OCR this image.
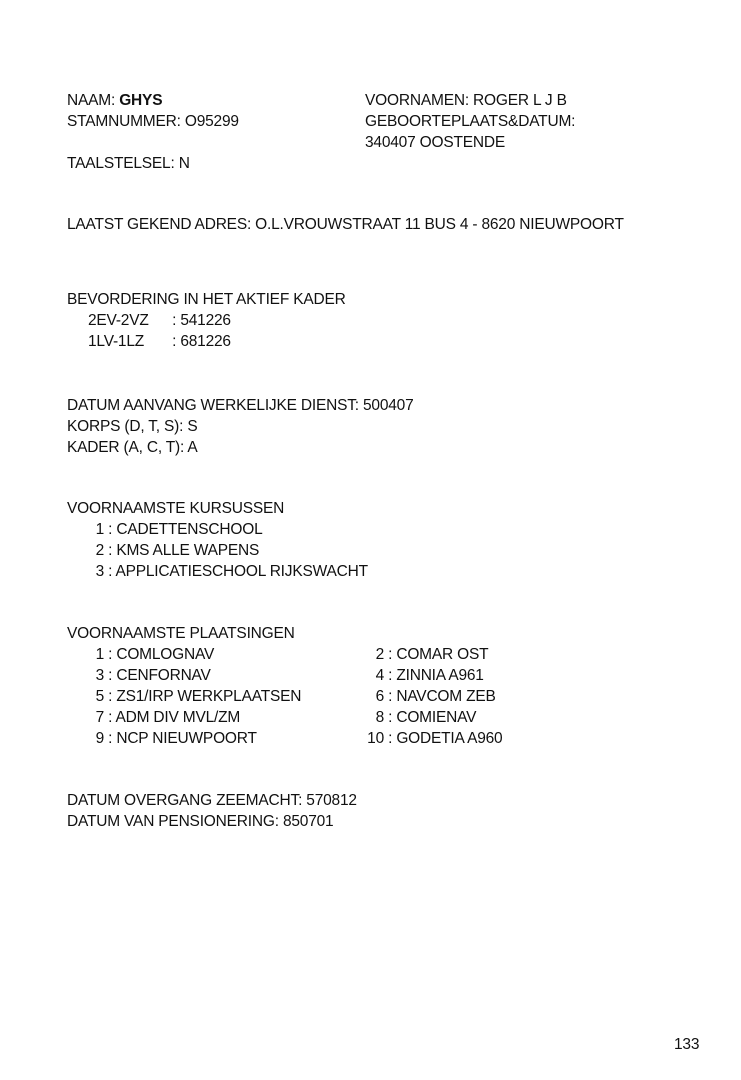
NAAM: GHYS	VOORNAMEN: ROGER L J B
STAMNUMMER: O95299	GEBOORTEPLAATS&DATUM:
340407 OOSTENDE
TAALSTELSEL: N
LAATST GEKEND ADRES: O.L.VROUWSTRAAT 11 BUS 4 - 8620 NIEUWPOORT
BEVORDERING IN HET AKTIEF KADER
2EV-2VZ : 541226
1LV-1LZ : 681226
DATUM AANVANG WERKELIJKE DIENST: 500407
KORPS (D, T, S): S
KADER (A, C, T): A
VOORNAAMSTE KURSUSSEN
1 : CADETTENSCHOOL
2 : KMS ALLE WAPENS
3 : APPLICATIESCHOOL RIJKSWACHT
VOORNAAMSTE PLAATSINGEN
1 : COMLOGNAV
3 : CENFORNAV
5 : ZS1/IRP WERKPLAATSEN
7 : ADM DIV MVL/ZM
9 : NCP NIEUWPOORT
2 : COMAR OST
4 : ZINNIA A961
6 : NAVCOM ZEB
8 : COMIENAV
10 : GODETIA A960
DATUM OVERGANG ZEEMACHT: 570812
DATUM VAN PENSIONERING: 850701
133
